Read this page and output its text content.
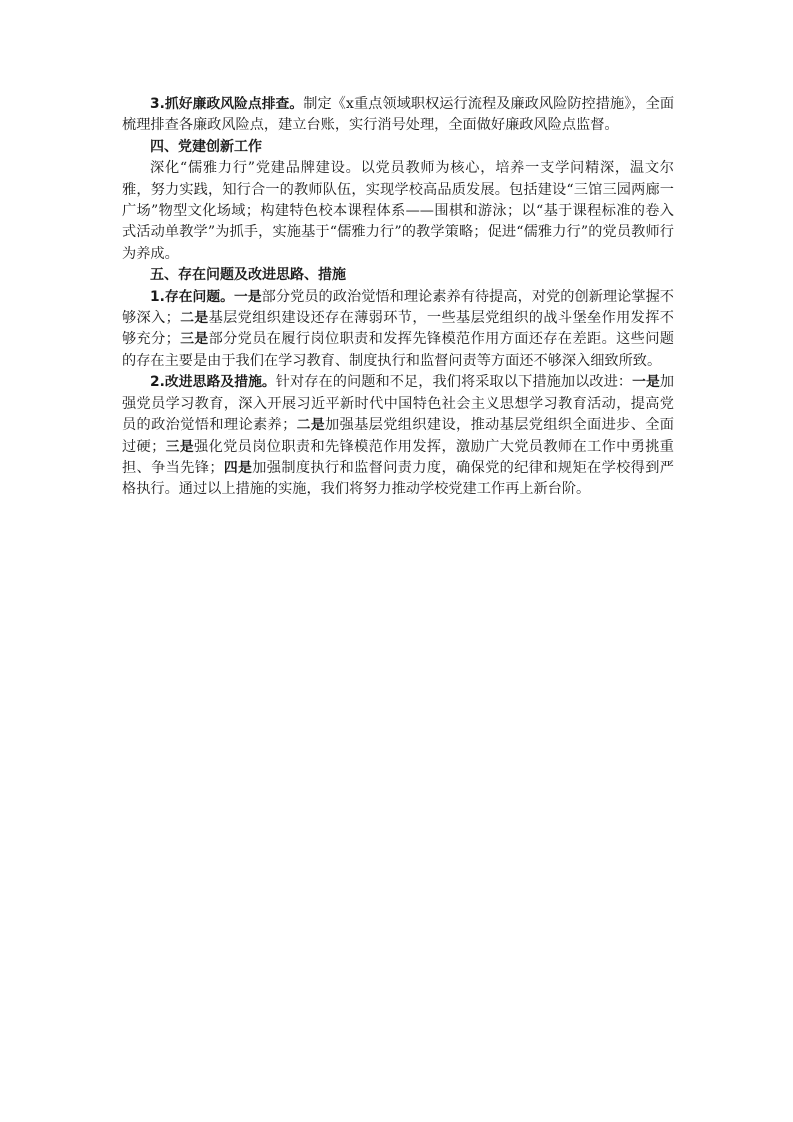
3.抓好廉政风险点排查。制定《x重点领域职权运行流程及廉政风险防控措施》，全面梳理排查各廉政风险点，建立台账，实行消号处理，全面做好廉政风险点监督。

四、党建创新工作

深化“儒雅力行”党建品牌建设。以党员教师为核心，培养一支学问精深，温文尔雅，努力实践，知行合一的教师队伍，实现学校高品质发展。包括建设“三馆三园两廊一广场”物型文化场域；构建特色校本课程体系——围棋和游泳；以“基于课程标准的卷入式活动单教学”为抓手，实施基于“儒雅力行”的教学策略；促进“儒雅力行”的党员教师行为养成。

五、存在问题及改进思路、措施

1.存在问题。一是部分党员的政治觉悟和理论素养有待提高，对党的创新理论掌握不够深入；二是基层党组织建设还存在薄弱环节，一些基层党组织的战斗堡垒作用发挥不够充分；三是部分党员在履行岗位职责和发挥先锋模范作用方面还存在差距。这些问题的存在主要是由于我们在学习教育、制度执行和监督问责等方面还不够深入细致所致。

2.改进思路及措施。针对存在的问题和不足，我们将采取以下措施加以改进：一是加强党员学习教育，深入开展习近平新时代中国特色社会主义思想学习教育活动，提高党员的政治觉悟和理论素养；二是加强基层党组织建设，推动基层党组织全面进步、全面过硬；三是强化党员岗位职责和先锋模范作用发挥，激励广大党员教师在工作中勇挑重担、争当先锋；四是加强制度执行和监督问责力度，确保党的纪律和规矩在学校得到严格执行。通过以上措施的实施，我们将努力推动学校党建工作再上新台阶。
